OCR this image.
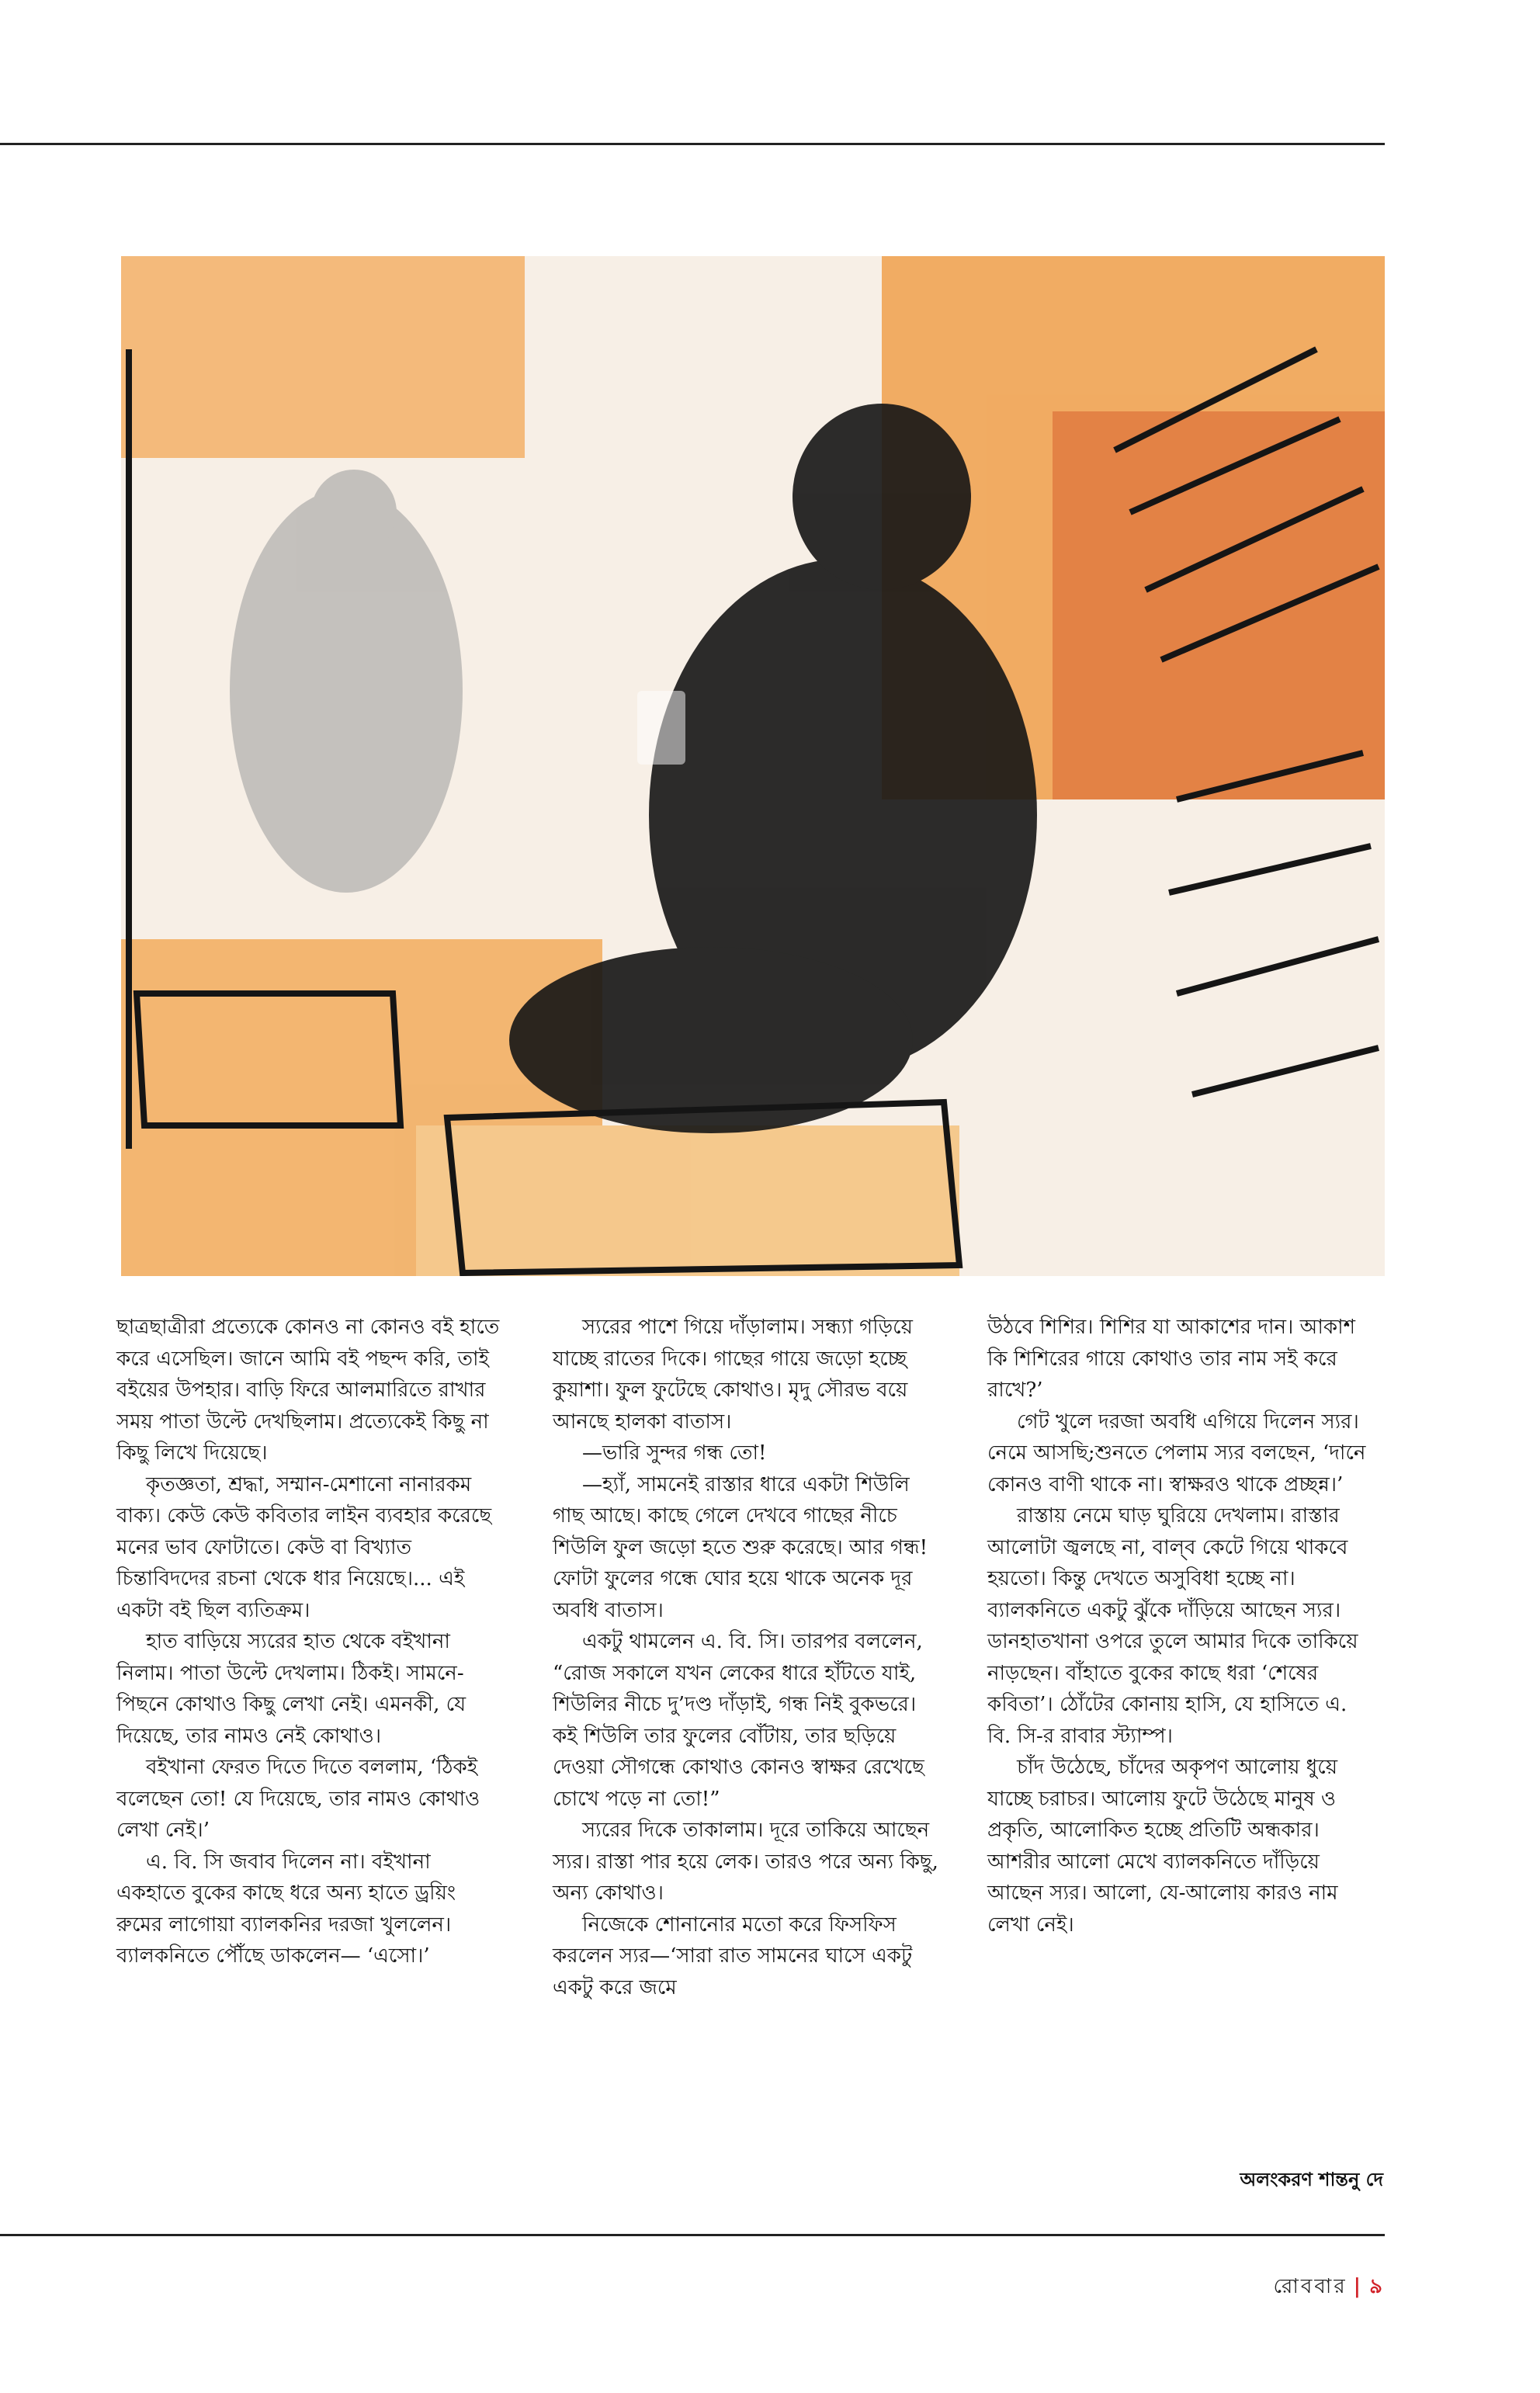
ছাত্রছাত্রীরা প্রত্যেকে কোনও না কোনও বই হাতে করে এসেছিল। জানে আমি বই পছন্দ করি, তাই বইয়ের উপহার। বাড়ি ফিরে আলমারিতে রাখার সময় পাতা উল্টে দেখছিলাম। প্রত্যেকেই কিছু না কিছু লিখে দিয়েছে।

কৃতজ্ঞতা, শ্রদ্ধা, সম্মান-মেশানো নানারকম বাক্য। কেউ কেউ কবিতার লাইন ব্যবহার করেছে মনের ভাব ফোটাতে। কেউ বা বিখ্যাত চিন্তাবিদদের রচনা থেকে ধার নিয়েছে।... এই একটা বই ছিল ব্যতিক্রম।

হাত বাড়িয়ে স্যরের হাত থেকে বইখানা নিলাম। পাতা উল্টে দেখলাম। ঠিকই। সামনে-পিছনে কোথাও কিছু লেখা নেই। এমনকী, যে দিয়েছে, তার নামও নেই কোথাও।

বইখানা ফেরত দিতে দিতে বললাম, ‘ঠিকই বলেছেন তো! যে দিয়েছে, তার নামও কোথাও লেখা নেই।’

এ. বি. সি জবাব দিলেন না। বইখানা একহাতে বুকের কাছে ধরে অন্য হাতে ড্রয়িং রুমের লাগোয়া ব্যালকনির দরজা খুললেন। ব্যালকনিতে পৌঁছে ডাকলেন— ‘এসো।’

স্যরের পাশে গিয়ে দাঁড়ালাম। সন্ধ্যা গড়িয়ে যাচ্ছে রাতের দিকে। গাছের গায়ে জড়ো হচ্ছে কুয়াশা। ফুল ফুটেছে কোথাও। মৃদু সৌরভ বয়ে আনছে হালকা বাতাস।

—ভারি সুন্দর গন্ধ তো!

—হ্যাঁ, সামনেই রাস্তার ধারে একটা শিউলি গাছ আছে। কাছে গেলে দেখবে গাছের নীচে শিউলি ফুল জড়ো হতে শুরু করেছে। আর গন্ধ! ফোটা ফুলের গন্ধে ঘোর হয়ে থাকে অনেক দূর অবধি বাতাস।

একটু থামলেন এ. বি. সি। তারপর বললেন, “রোজ সকালে যখন লেকের ধারে হাঁটতে যাই, শিউলির নীচে দু’দণ্ড দাঁড়াই, গন্ধ নিই বুকভরে। কই শিউলি তার ফুলের বোঁটায়, তার ছড়িয়ে দেওয়া সৌগন্ধে কোথাও কোনও স্বাক্ষর রেখেছে চোখে পড়ে না তো!”

স্যরের দিকে তাকালাম। দূরে তাকিয়ে আছেন স্যর। রাস্তা পার হয়ে লেক। তারও পরে অন্য কিছু, অন্য কোথাও।

নিজেকে শোনানোর মতো করে ফিসফিস করলেন স্যর—‘সারা রাত সামনের ঘাসে একটু একটু করে জমে

উঠবে শিশির। শিশির যা আকাশের দান। আকাশ কি শিশিরের গায়ে কোথাও তার নাম সই করে রাখে?’

গেট খুলে দরজা অবধি এগিয়ে দিলেন স্যর। নেমে আসছি;শুনতে পেলাম স্যর বলছেন, ‘দানে কোনও বাণী থাকে না। স্বাক্ষরও থাকে প্রচ্ছন্ন।’

রাস্তায় নেমে ঘাড় ঘুরিয়ে দেখলাম। রাস্তার আলোটা জ্বলছে না, বাল্‌ব কেটে গিয়ে থাকবে হয়তো। কিন্তু দেখতে অসুবিধা হচ্ছে না। ব্যালকনিতে একটু ঝুঁকে দাঁড়িয়ে আছেন স্যর। ডানহাতখানা ওপরে তুলে আমার দিকে তাকিয়ে নাড়ছেন। বাঁহাতে বুকের কাছে ধরা ‘শেষের কবিতা’। ঠোঁটের কোনায় হাসি, যে হাসিতে এ. বি. সি-র রাবার স্ট্যাম্প।

চাঁদ উঠেছে, চাঁদের অকৃপণ আলোয় ধুয়ে যাচ্ছে চরাচর। আলোয় ফুটে উঠেছে মানুষ ও প্রকৃতি, আলোকিত হচ্ছে প্রতিটি অন্ধকার। আশরীর আলো মেখে ব্যালকনিতে দাঁড়িয়ে আছেন স্যর। আলো, যে-আলোয় কারও নাম লেখা নেই।

অলংকরণ শান্তনু দে
রোববার | ৯
